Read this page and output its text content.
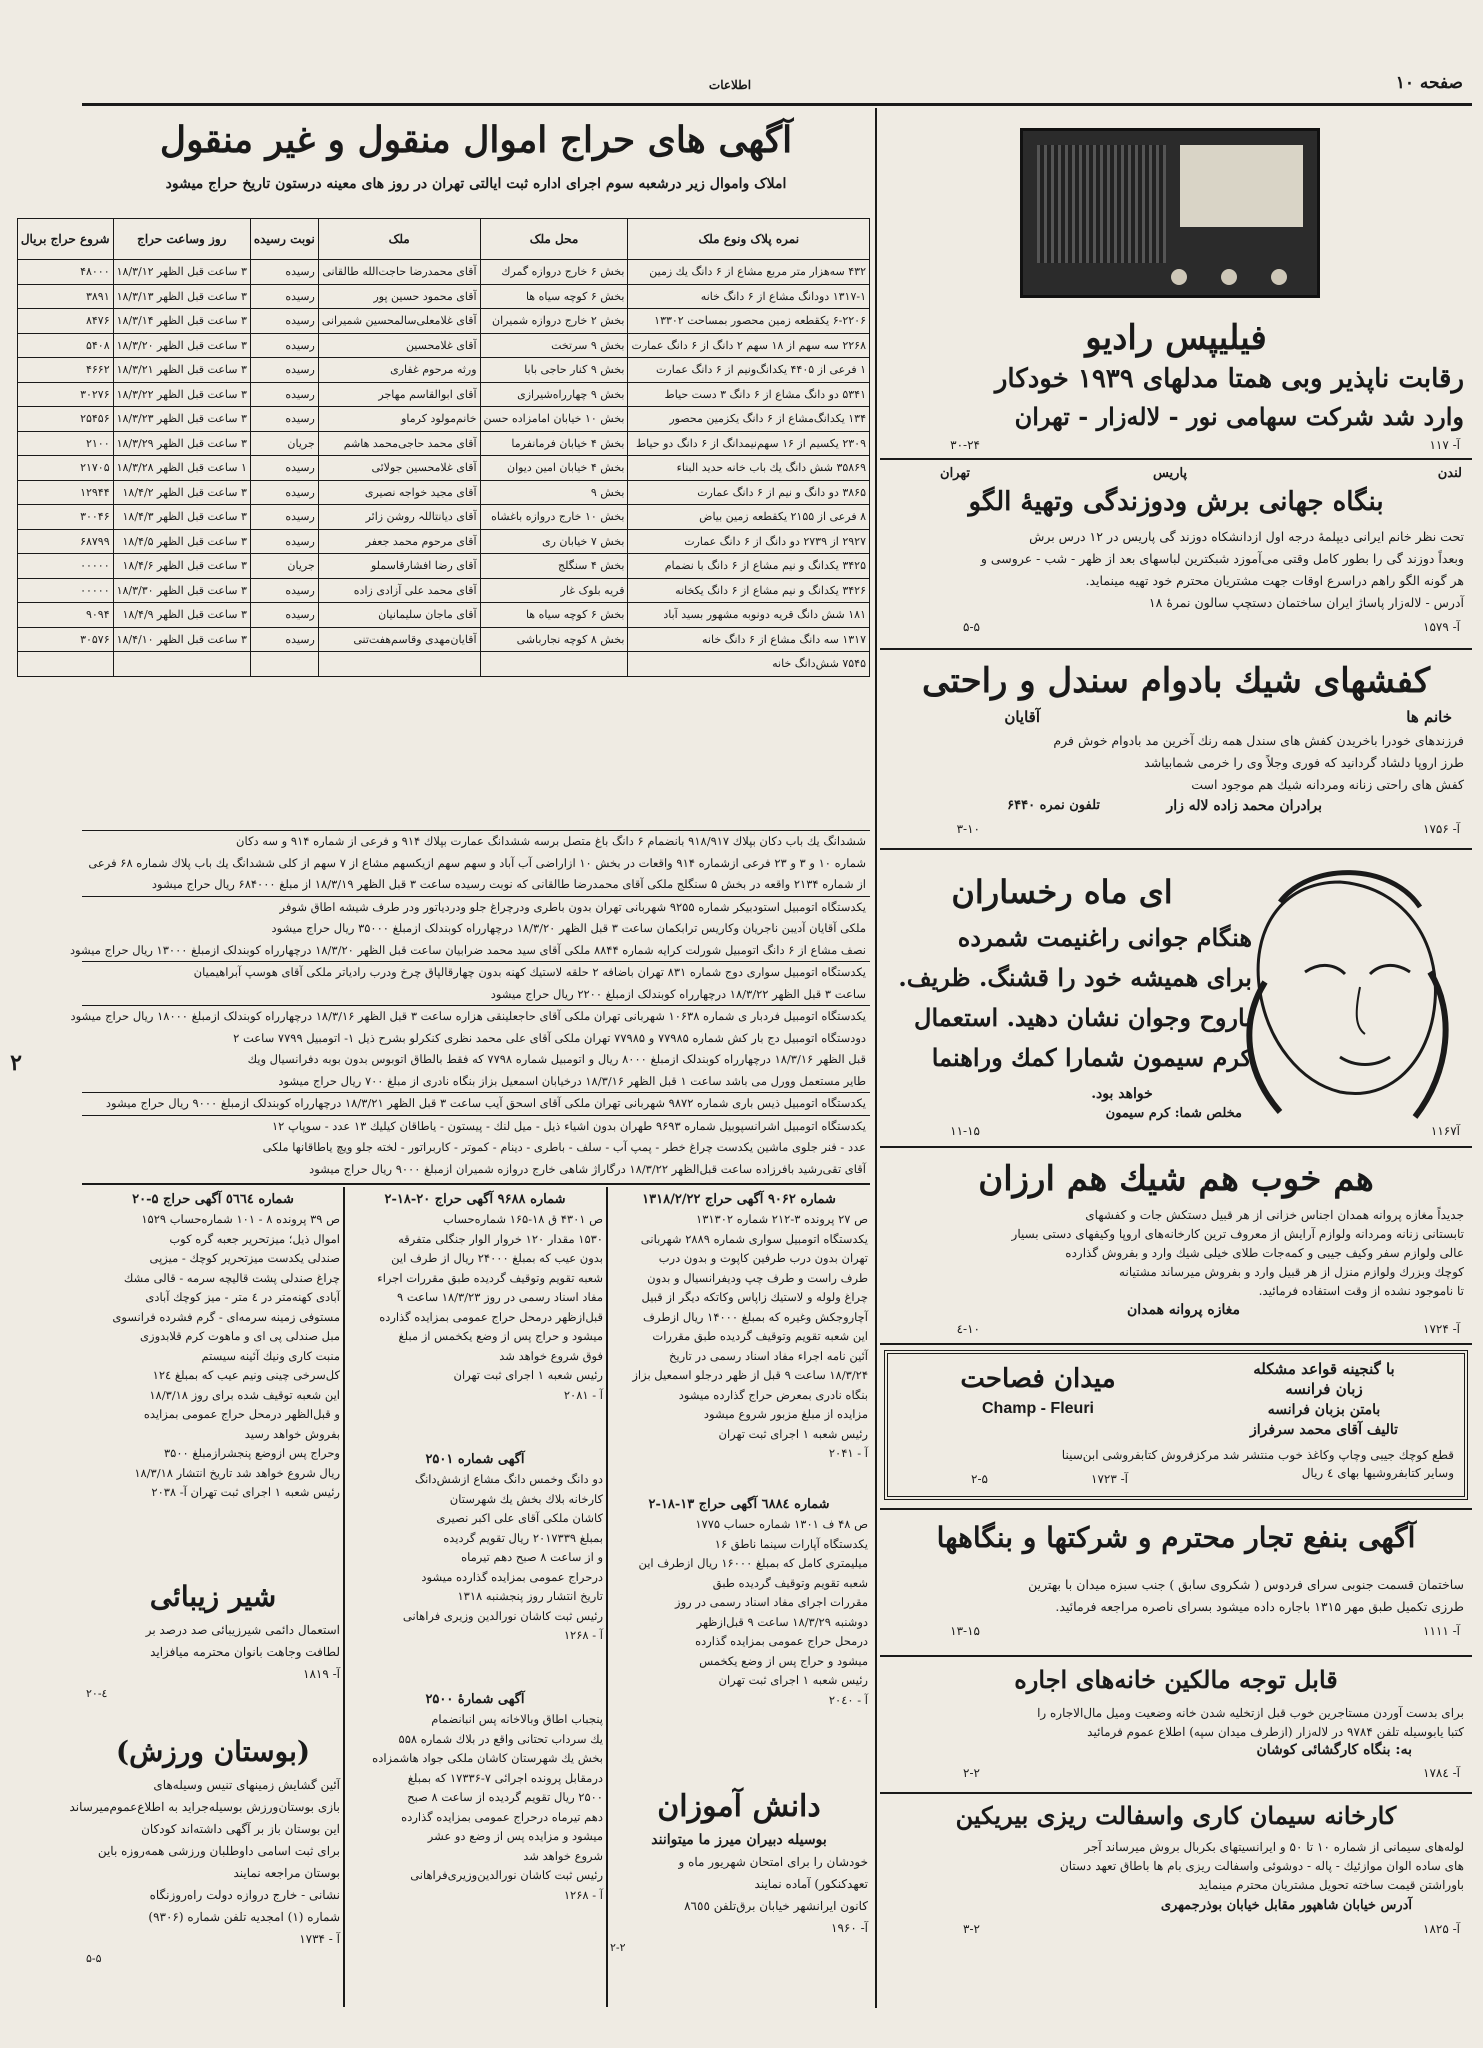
صفحه ۱۰
اطلاعات
آگهی های حراج اموال منقول و غیر منقول
املاک واموال زیر درشعبه سوم اجرای اداره ثبت ایالتی تهران در روز های معینه درستون تاریخ حراج میشود
نمره پلاک ونوع ملک	محل ملک	ملک	نوبت رسیده	روز وساعت حراج	شروع حراج بریال
۴۳۲ سه‌هزار متر مربع مشاع از ۶ دانگ یك زمین	بخش ۶ خارج دروازه گمرك	آقای محمدرضا حاجت‌الله طالقانی	رسیده	۳ ساعت قبل الظهر ۱۸/۳/۱۲	۴۸۰۰۰
۱۳۱۷-۱ دودانگ مشاع از ۶ دانگ خانه	بخش ۶ کوچه سیاه ها	آقای محمود حسین پور	رسیده	۳ ساعت قبل الظهر ۱۸/۳/۱۳	۳۸۹۱
۶-۲۲۰۶ یکقطعه زمین محصور بمساحت ۱۳۳۰۲	بخش ۲ خارج دروازه شمیران	آقای غلامعلی‌سالمحسین شمیرانی	رسیده	۳ ساعت قبل الظهر ۱۸/۳/۱۴	۸۴۷۶
۲۲۶۸ سه سهم از ۱۸ سهم ۲ دانگ از ۶ دانگ عمارت	بخش ۹ سرتخت	آقای غلامحسین	رسیده	۳ ساعت قبل الظهر ۱۸/۳/۲۰	۵۴۰۸
۱ فرعی از ۴۴۰۵ یکدانگ‌ونیم از ۶ دانگ عمارت	بخش ۹ کنار حاجی بابا	ورثه مرحوم غفاری	رسیده	۳ ساعت قبل الظهر ۱۸/۳/۲۱	۴۶۶۲
۵۳۴۱ دو دانگ مشاع از ۶ دانگ ۳ دست حیاط	بخش ۹ چهارراه‌شیرازی	آقای ابوالقاسم مهاجر	رسیده	۳ ساعت قبل الظهر ۱۸/۳/۲۲	۳۰۲۷۶
۱۳۴ یکدانگ‌مشاع از ۶ دانگ یکزمین محصور	بخش ۱۰ خیابان امامزاده حسن	خانم‌مولود کرماو	رسیده	۳ ساعت قبل الظهر ۱۸/۳/۲۳	۲۵۴۵۶
۲۳۰۹ یکسیم از ۱۶ سهم‌نیمدانگ از ۶ دانگ دو حیاط	بخش ۴ خیابان فرمانفرما	آقای محمد حاجی‌محمد هاشم	جریان	۳ ساعت قبل الظهر ۱۸/۳/۲۹	۲۱۰۰
۳۵۸۶۹ شش دانگ یك باب خانه حدید البناء	بخش ۴ خیابان امین دیوان	آقای غلامحسین جولائی	رسیده	۱ ساعت قبل الظهر ۱۸/۳/۲۸	۲۱۷۰۵
۳۸۶۵ دو دانگ و نیم از ۶ دانگ عمارت	بخش ۹	آقای مجید خواجه نصیری	رسیده	۳ ساعت قبل الظهر ۱۸/۴/۲	۱۲۹۴۴
۸ فرعی از ۲۱۵۵ یکقطعه زمین بیاض	بخش ۱۰ خارج دروازه باغشاه	آقای دیانتاللہ روشن زائر	رسیده	۳ ساعت قبل الظهر ۱۸/۴/۳	۳۰۰۴۶
۲۹۲۷ از ۲۷۳۹ دو دانگ از ۶ دانگ عمارت	بخش ۷ خیابان ری	آقای مرحوم محمد جعفر	رسیده	۳ ساعت قبل الظهر ۱۸/۴/۵	۶۸۷۹۹
۳۴۲۵ یکدانگ و نیم مشاع از ۶ دانگ با نضمام	بخش ۴ سنگلج	آقای رضا افشارقاسملو	جریان	۳ ساعت قبل الظهر ۱۸/۴/۶	۰۰۰۰۰
۳۴۲۶ یکدانگ و نیم مشاع از ۶ دانگ یکخانه	قریه بلوک غار	آقای محمد علی آزادی زاده	رسیده	۳ ساعت قبل الظهر ۱۸/۳/۳۰	۰۰۰۰۰
۱۸۱ شش دانگ قریه دونوبه مشهور بسید آباد	بخش ۶ کوچه سیاه ها	آقای ماجان سلیمانیان	رسیده	۳ ساعت قبل الظهر ۱۸/۴/۹	۹۰۹۴
۱۳۱۷ سه دانگ مشاع از ۶ دانگ خانه	بخش ۸ کوچه نجارباشی	آقایان‌مهدی وقاسم‌هفت‌تنی	رسیده	۳ ساعت قبل الظهر ۱۸/۴/۱۰	۳۰۵۷۶
۷۵۴۵ شش‌دانگ خانه					
ششدانگ یك باب دکان بپلاك ۹۱۸/۹۱۷ بانضمام ۶ دانگ باغ متصل برسه ششدانگ عمارت بپلاك ۹۱۴ و فرعی از شماره ۹۱۴ و سه دکان
شماره ۱۰ و ۳ و ۲۳ فرعی ازشماره ۹۱۴ واقعات در بخش ۱۰ ازاراضی آب آباد و سهم سهم ازیکسهم مشاع از ۷ سهم از کلی ششدانگ یك باب پلاك شماره ۶۸ فرعی
از شماره ۲۱۳۴ واقعه در بخش ۵ سنگلج ملکی آقای محمدرضا طالقانی که نوبت رسیده ساعت ۳ قبل الظهر ۱۸/۳/۱۹ از مبلغ ۶۸۴۰۰۰ ریال حراج میشود
یکدستگاه اتومبیل استودبیکر شماره ۹۲۵۵ شهربانی تهران بدون باطری ودرچراغ جلو ودردیاتور ودر طرف شیشه اطاق شوفر
ملکی آقایان آدیبن ناجریان وکاریس ترابکمان ساعت ۳ قبل الظهر ۱۸/۳/۲۰ درچهارراه کوبندلک ازمبلغ ۳۵۰۰۰ ریال حراج میشود
نصف مشاع از ۶ دانگ اتومبیل شورلت کرایه شماره ۸۸۴۴ ملکی آقای سید محمد ضرابیان ساعت قبل الظهر ۱۸/۳/۲۰ درچهارراه کوبندلک ازمبلغ ۱۳۰۰۰ ریال حراج میشود
یکدستگاه اتومبیل سواری دوج شماره ۸۳۱ تهران باضافه ۲ حلقه لاستیك کهنه بدون چهارقالپاق چرخ ودرب رادیاتر ملکی آقای هوسپ آبراهیمیان
ساعت ۳ قبل الظهر ۱۸/۳/۲۲ درچهارراه کوبندلک ازمبلغ ۲۲۰۰ ریال حراج میشود
یکدستگاه اتومبیل فردبار ی شماره ۱۰۶۳۸ شهربانی تهران ملکی آقای حاجعلینقی هزاره ساعت ۳ قبل الظهر ۱۸/۳/۱۶ درچهارراه کوبندلک ازمبلغ ۱۸۰۰۰ ریال حراج میشود
دودستگاه اتومبیل دج بار کش شماره ۷۷۹۸۵ و ۷۷۹۸۵ تهران ملکی آقای علی محمد نظری کنکرلو بشرح ذیل ۱- اتومبیل ۷۷۹۹ ساعت ۲
قبل الظهر ۱۸/۳/۱۶ درچهارراه کوبندلک ازمبلغ ۸۰۰۰ ریال و اتومبیل شماره ۷۷۹۸ که فقط بالطاق اتوبوس بدون بوبه دفرانسیال ویك
طایر مستعمل وورل می باشد ساعت ۱ قبل الظهر ۱۸/۳/۱۶ درخیابان اسمعیل بزاز بنگاه نادری از مبلغ ۷۰۰ ریال حراج میشود
یکدستگاه اتومبیل ذیس باری شماره ۹۸۷۲ شهربانی تهران ملکی آقای اسحق آیب ساعت ۳ قبل الظهر ۱۸/۳/۲۱ درچهارراه کوبندلک ازمبلغ ۹۰۰۰ ریال حراج میشود
یکدستگاه اتومبیل اشرانسپوبیل شماره ۹۶۹۳ طهران بدون اشیاء ذیل - میل لنك - پیستون - یاطاقان کیلیك ۱۳ عدد - سوپاپ ۱۲
عدد - فنر جلوی ماشین یکدست چراغ خطر - پمپ آب - سلف - باطری - دینام - کموتر - کاربراتور - لخته جلو ویچ یاطاقانها ملکی
آقای تقی‌رشید بافرزاده ساعت قبل‌الظهر ۱۸/۳/۲۲ درگاراژ شاهی خارج دروازه شمیران ازمبلغ ۹۰۰۰ ریال حراج میشود
شماره ۹۰۶۲ آگهی حراج ۱۳۱۸/۲/۲۲
ص ۲۷ پرونده ۳-۲۱۲ شماره ۱۳۱۳۰۲
یکدستگاه اتومبیل سواری شماره ۲۸۸۹ شهربانی
تهران بدون درب طرفین کاپوت و بدون درب
طرف راست و طرف چپ ودیفرانسیال و بدون
چراغ ولوله و لاستیك زاپاس وکاتکه دیگر از قبیل
آچاروجکش وغیره که بمبلغ ۱۴۰۰۰ ریال ازطرف
این شعبه تقویم وتوقیف گردیده طبق مقررات
آئین نامه اجراء مفاد اسناد رسمی در تاریخ
۱۸/۳/۲۴ ساعت ۹ قبل از ظهر درجلو اسمعیل بزاز
بنگاه نادری بمعرض حراج گذارده میشود
مزایده از مبلغ مزبور شروع میشود
رئیس شعبه ۱ اجرای ثبت تهران
آ - ۲۰۴۱
شماره ۹۶۸۸ آگهی حراج ۲۰-۱۸-۲
ص ۴۳۰۱ ق ۱۸-۱۶۵ شماره‌حساب
۱۵۳۰ مقدار ۱۲۰ خروار الوار جنگلی متفرقه
بدون عیب که بمبلغ ۲۴۰۰۰ ریال از طرف این
شعبه تقویم وتوقیف گردیده طبق مقررات اجراء
مفاد اسناد رسمی در روز ۱۸/۳/۲۳ ساعت ۹
قبل‌ازظهر درمحل حراج عمومی بمزایده گذارده
میشود و حراج پس از وضع یکخمس از مبلغ
فوق شروع خواهد شد
رئیس شعبه ۱ اجرای ثبت تهران
آ - ۲۰۸۱
شماره ٥٦٦٤ آگهی حراج ۵-۲۰
ص ۳۹ پرونده ۸ - ۱۰۱ شماره‌حساب ۱۵۲۹
اموال ذیل؛ میزتحریر جعبه گره کوب
صندلی یکدست میزتحریر کوچك - میزپی
چراغ صندلی پشت قالیچه سرمه - قالی مشك
آبادی کهنه‌متر در ٤ متر - میز کوچك آبادی
مستوفی زمینه سرمه‌ای - گرم فشرده فرانسوی
مبل صندلی پی ای و ماهوت کرم قلابدوزی
منبت کاری ونیك آئینه سیستم
کل‌سرخی چینی ونیم عیب که بمبلغ ۱۲٤
این شعبه توقیف شده برای روز ۱۸/۳/۱۸
و قبل‌الظهر درمحل حراج عمومی بمزایده
بفروش خواهد رسید
وحراج پس ازوضع پنجشر‌ازمبلغ ۳۵۰۰
ریال شروع خواهد شد تاریخ انتشار ۱۸/۳/۱۸
رئیس شعبه ۱ اجرای ثبت تهران آ- ۲۰۳۸
شماره ٦٨٨٤ آگهی حراج ۱۳-۱۸-۲
ص ۴۸ ف ۱۳۰۱ شماره حساب ۱۷۷۵
یکدستگاه آپارات سینما ناطق ۱۶
میلیمتری کامل که بمبلغ ۱۶۰۰۰ ریال ازطرف این
شعبه تقویم وتوقیف گردیده طبق
مقررات اجرای مفاد اسناد رسمی در روز
دوشنبه ۱۸/۳/۲۹ ساعت ۹ قبل‌ازظهر
درمحل حراج عمومی بمزایده گذارده
میشود و حراج پس از وضع یکخمس
رئیس شعبه ۱ اجرای ثبت تهران
آ - ۲۰٤۰
آگهی شماره ۲۵۰۱
دو دانگ وخمس دانگ مشاع ازشش‌دانگ
کارخانه بلاك بخش یك شهرستان
کاشان ملکی آقای علی اکبر نصیری
بمبلغ ۲۰۱۷۳۳۹ ریال تقویم گردیده
و از ساعت ۸ صبح دهم تیرماه
درحراج عمومی بمزایده گذارده میشود
تاریخ انتشار روز پنجشنبه ۱۳۱۸
رئیس ثبت کاشان نورالدین وزیری فراهانی
آ - ۱۲۶۸
آگهی شمارهٔ ۲۵۰۰
پنجباب اطاق وبالاخانه پس انبانضمام
یك سرداب تحتانی واقع در بلاك شماره ۵۵۸
بخش یك شهرستان کاشان ملکی جواد هاشمزاده
درمقابل پرونده اجرائی ۷-۱۷۳۳۶ که بمبلغ
۲۵۰۰ ریال تقویم گردیده از ساعت ۸ صبح
دهم تیرماه درحراج عمومی بمزایده گذارده
میشود و مزایده پس از وضع دو عشر
شروع خواهد شد
رئیس ثبت کاشان نورالدین‌وزیری‌فراهانی
آ - ۱۲۶۸
شیر زیبائی
استعمال دائمی شیرزیبائی صد درصد بر
لطافت وجاهت بانوان محترمه میافزاید
آ- ۱۸۱۹
٤-۲۰
(بوستان ورزش)
آئین گشایش زمینهای تنیس وسیله‌های
بازی بوستان‌ورزش بوسیله‌جراید به اطلاع‌عموم‌میرساند
این بوستان باز بر آگهی داشته‌اند کودکان
برای ثبت اسامی داوطلبان ورزشی همه‌روزه باین
بوستان مراجعه نمایند
نشانی - خارج دروازه دولت راه‌روزنگاه
شماره (۱) امجدیه تلفن شماره (۹۳۰۶)
آ - ۱۷۳۴
۵-۵
دانش آموزان
بوسیله دبیران میرز ما میتوانند
خودشان را برای امتحان شهریور ماه و
تعهدکنکور) آماده نمایند
کانون ایرانشهر خیابان برق‌تلفن ۸٦٥٥
آ- ۱۹۶۰
۲-۲
فیلیپس رادیو
رقابت ناپذیر وبی همتا مدلهای ۱۹۳۹ خودکار
وارد شد شرکت سهامی نور - لاله‌زار - تهران
آ- ۱۱۷
۳۰-۲۴
لندن
پاریس
تهران
بنگاه جهانی برش ودوزندگی وتهیهٔ الگو
تحت نظر خانم ایرانی دیپلمهٔ درجه اول ازدانشکاه دوزند گی پاریس در ۱۲ درس برش
وبعداً دوزند گی را بطور کامل وقتی می‌آموزد شبکترین لباسهای بعد از ظهر - شب - عروسی و
هر گونه الگو راهم دراسرع اوقات جهت مشتریان محترم خود تهیه مینماید.
آدرس - لاله‌زار پاساژ ایران ساختمان دستچپ سالون نمرهٔ ۱۸
آ- ۱۵۷۹
۵-۵
کفشهای شیك بادوام سندل و راحتی
خانم ها
آقایان
فرزندهای خودرا باخریدن کفش های سندل همه رنك آخرین مد بادوام خوش فرم
طرز اروپا دلشاد گردانید که فوری وجلاً وی را خرمی شمابیاشد
کفش های راحتی زنانه ومردانه شیك هم موجود است
برادران محمد زاده لاله زار
تلفون نمره ۶۴۴۰
آ- ۱۷۵۶
۳-۱۰
ای ماه رخساران
هنگام جوانی راغنیمت شمرده
برای همیشه خود را قشنگ. ظریف.
باروح وجوان نشان دهید. استعمال
کرم سیمون شمارا کمك وراهنما
خواهد بود.
مخلص شما: کرم سیمون
آ۱۱۶۷
۱۱-۱۵
هم خوب هم شیك هم ارزان
جدیداً مغازه پروانه همدان اجناس خزانی از هر قبیل دستکش جات و کفشهای
تابستانی زنانه ومردانه ولوازم آرایش از معروف ترین کارخانه‌های اروپا وکیفهای دستی بسیار
عالی ولوازم سفر وکیف جیبی و کمه‌جات طلای خیلی شیك وارد و بفروش گذارده
کوچك وبزرك ولوازم منزل از هر قبیل وارد و بفروش میرساند مشتیانه
تا ناموجود نشده از وقت استفاده فرمائید.
مغازه پروانه همدان
آ- ۱۷۲۴
۱۰-٤
با گنجینه قواعد مشکله
زبان فرانسه
بامتن بزبان فرانسه
تالیف آقای محمد سرفراز
میدان فصاحت
Champ - Fleuri
قطع کوچك جیبی وچاپ وکاغذ خوب منتشر شد مرکزفروش کتابفروشی ابن‌سینا
وسایر کتابفروشیها بهای ٤ ریال
آ- ۱۷۲۳
۲-۵
آگهی بنفع تجار محترم و شرکتها و بنگاهها
ساختمان قسمت جنوبی سرای فردوس ( شکروی سابق ) جنب سبزه میدان با بهترین
طرزی تکمیل طبق مهر ۱۳۱۵ باجاره داده میشود بسرای ناصره مراجعه فرمائید.
آ- ۱۱۱۱
۱۳-۱۵
قابل توجه مالکین خانه‌های اجاره
برای بدست آوردن مستاجرین خوب قبل ازتخلیه شدن خانه وضعیت ومیل مال‌الاجاره را
کتبا یابوسیله تلفن ۹۷۸۴ در لاله‌زار (ازطرف میدان سپه) اطلاع عموم فرمائید
به: بنگاه کارگشائی کوشان
آ- ۱۷۸٤
۲-۲
کارخانه سیمان کاری واسفالت ریزی بیریکین
لوله‌های سیمانی از شماره ۱۰ تا ۵۰ و ایرانسیتهای بکربال بروش میرساند آجر
های ساده الوان موازئیك - پاله - دوشوئی واسفالت ریزی بام ها باطاق تعهد دستان
باوراشتن قیمت ساخته تحویل مشتریان محترم مینماید
آدرس خیابان شاهپور مقابل خیابان بوذرجمهری
آ- ۱۸۲۵
۳-۲
۲
